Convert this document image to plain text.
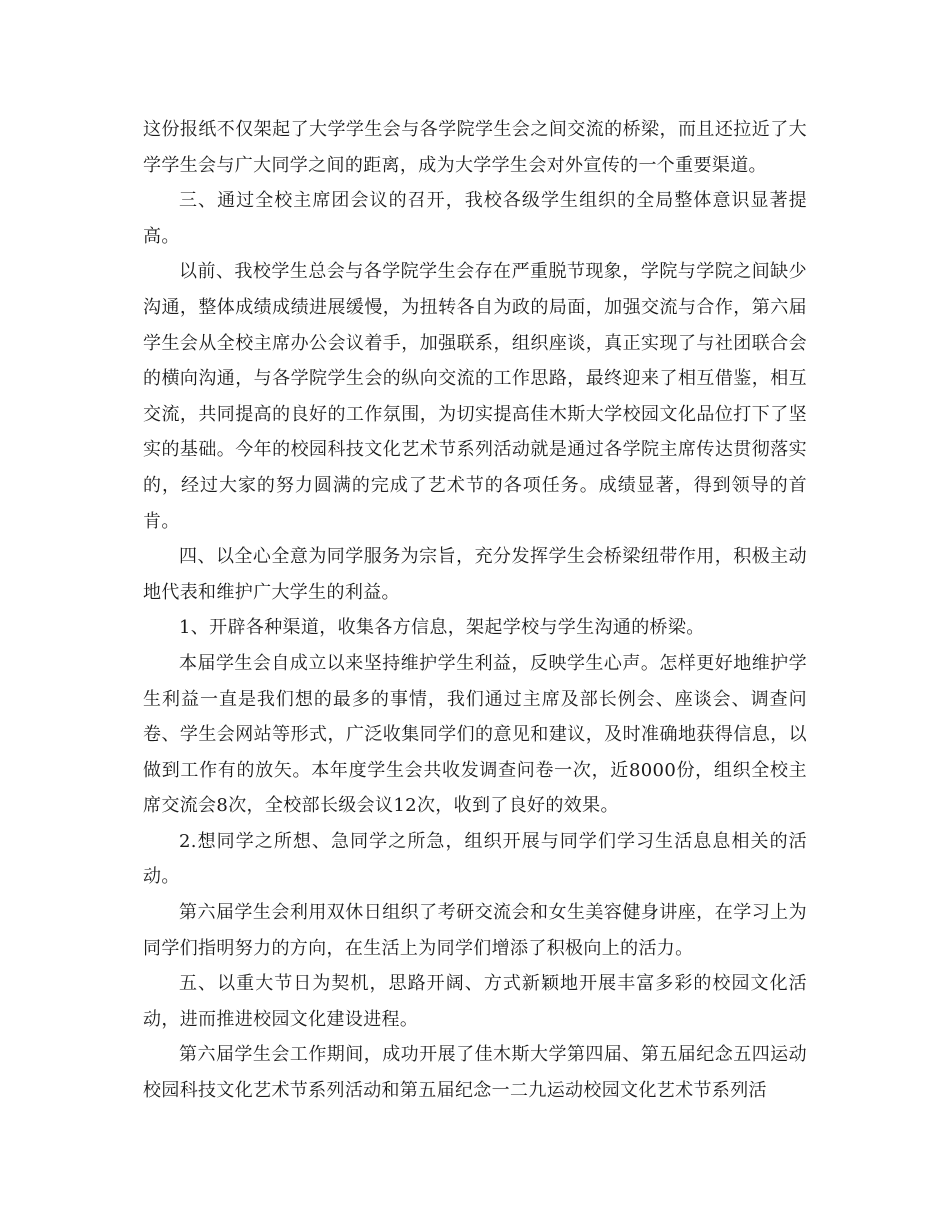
这份报纸不仅架起了大学学生会与各学院学生会之间交流的桥梁，而且还拉近了大学学生会与广大同学之间的距离，成为大学学生会对外宣传的一个重要渠道。

三、通过全校主席团会议的召开，我校各级学生组织的全局整体意识显著提高。

以前、我校学生总会与各学院学生会存在严重脱节现象，学院与学院之间缺少沟通，整体成绩成绩进展缓慢，为扭转各自为政的局面，加强交流与合作，第六届学生会从全校主席办公会议着手，加强联系，组织座谈，真正实现了与社团联合会的横向沟通，与各学院学生会的纵向交流的工作思路，最终迎来了相互借鉴，相互交流，共同提高的良好的工作氛围，为切实提高佳木斯大学校园文化品位打下了坚实的基础。今年的校园科技文化艺术节系列活动就是通过各学院主席传达贯彻落实的，经过大家的努力圆满的完成了艺术节的各项任务。成绩显著，得到领导的首肯。

四、以全心全意为同学服务为宗旨，充分发挥学生会桥梁纽带作用，积极主动地代表和维护广大学生的利益。

1、开辟各种渠道，收集各方信息，架起学校与学生沟通的桥梁。

本届学生会自成立以来坚持维护学生利益，反映学生心声。怎样更好地维护学生利益一直是我们想的最多的事情，我们通过主席及部长例会、座谈会、调查问卷、学生会网站等形式，广泛收集同学们的意见和建议，及时准确地获得信息，以做到工作有的放矢。本年度学生会共收发调查问卷一次，近8000份，组织全校主席交流会8次，全校部长级会议12次，收到了良好的效果。

2.想同学之所想、急同学之所急，组织开展与同学们学习生活息息相关的活动。

第六届学生会利用双休日组织了考研交流会和女生美容健身讲座，在学习上为同学们指明努力的方向，在生活上为同学们增添了积极向上的活力。

五、以重大节日为契机，思路开阔、方式新颖地开展丰富多彩的校园文化活动，进而推进校园文化建设进程。

第六届学生会工作期间，成功开展了佳木斯大学第四届、第五届纪念五四运动校园科技文化艺术节系列活动和第五届纪念一二九运动校园文化艺术节系列活
